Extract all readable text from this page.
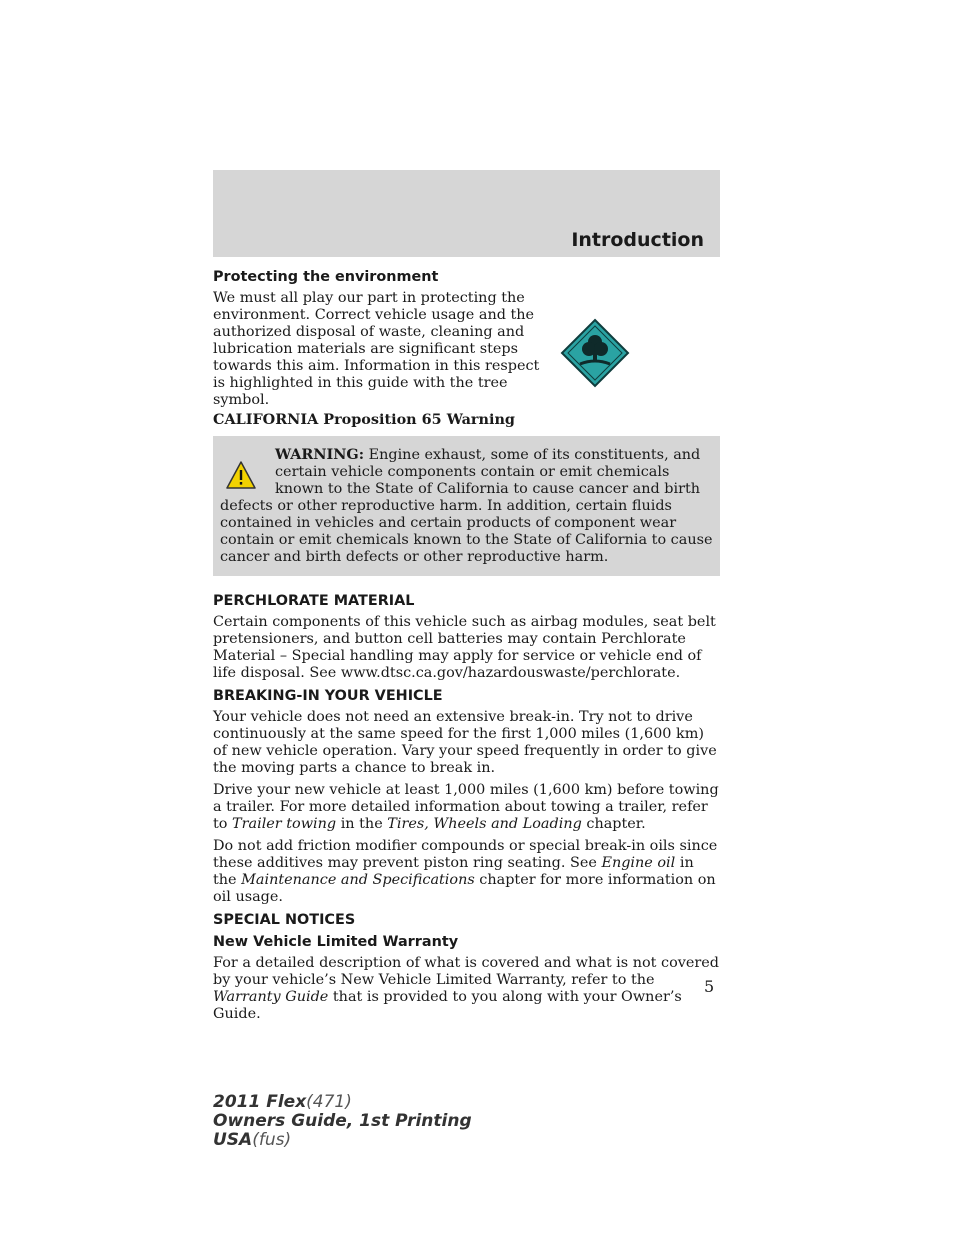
Introduction
Protecting the environment

We must all play our part in protecting the environment. Correct vehicle usage and the authorized disposal of waste, cleaning and lubrication materials are significant steps towards this aim. Information in this respect is highlighted in this guide with the tree symbol.

CALIFORNIA Proposition 65 Warning
WARNING: Engine exhaust, some of its constituents, and certain vehicle components contain or emit chemicals known to the State of California to cause cancer and birth defects or other reproductive harm. In addition, certain fluids contained in vehicles and certain products of component wear contain or emit chemicals known to the State of California to cause cancer and birth defects or other reproductive harm.
PERCHLORATE MATERIAL

Certain components of this vehicle such as airbag modules, seat belt pretensioners, and button cell batteries may contain Perchlorate Material – Special handling may apply for service or vehicle end of life disposal. See www.dtsc.ca.gov/hazardouswaste/perchlorate.

BREAKING-IN YOUR VEHICLE

Your vehicle does not need an extensive break-in. Try not to drive continuously at the same speed for the first 1,000 miles (1,600 km) of new vehicle operation. Vary your speed frequently in order to give the moving parts a chance to break in.

Drive your new vehicle at least 1,000 miles (1,600 km) before towing a trailer. For more detailed information about towing a trailer, refer to Trailer towing in the Tires, Wheels and Loading chapter.

Do not add friction modifier compounds or special break-in oils since these additives may prevent piston ring seating. See Engine oil in the Maintenance and Specifications chapter for more information on oil usage.

SPECIAL NOTICES
New Vehicle Limited Warranty

For a detailed description of what is covered and what is not covered by your vehicle’s New Vehicle Limited Warranty, refer to the Warranty Guide that is provided to you along with your Owner’s Guide.

5
2011 Flex(471)
Owners Guide, 1st Printing
USA(fus)
